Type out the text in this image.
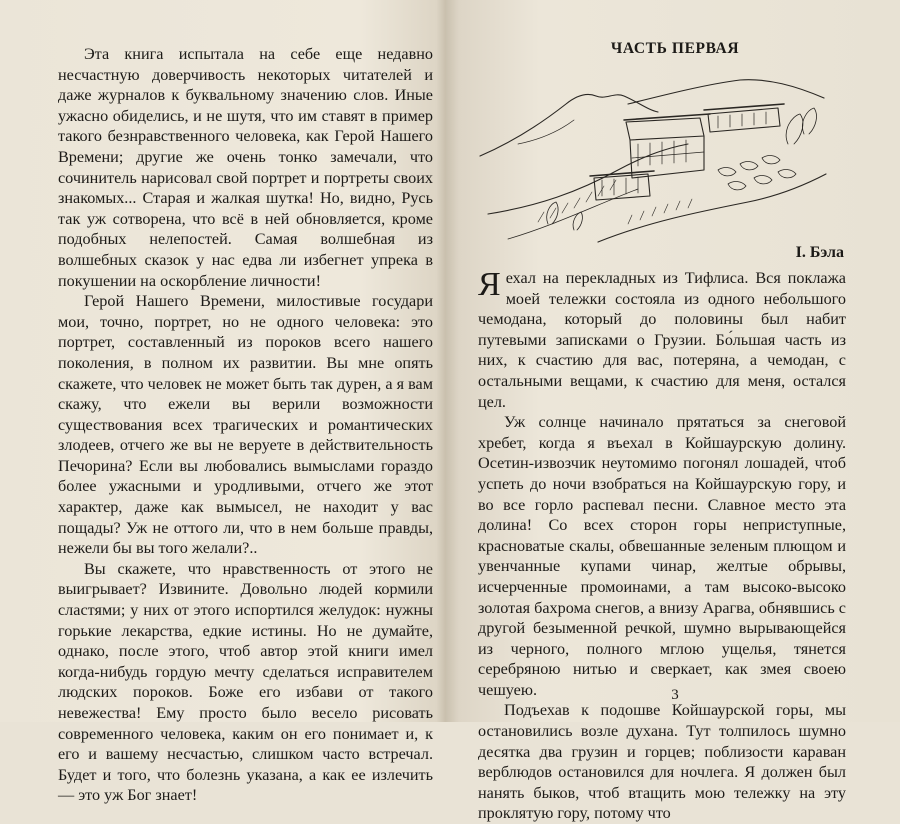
Эта книга испытала на себе еще недавно несчастную доверчивость некоторых читателей и даже журналов к буквальному значению слов. Иные ужасно обиделись, и не шутя, что им ставят в пример такого безнравственного человека, как Герой Нашего Времени; другие же очень тонко замечали, что сочинитель нарисовал свой портрет и портреты своих знакомых... Старая и жалкая шутка! Но, видно, Русь так уж сотворена, что всё в ней обновляется, кроме подобных нелепостей. Самая волшебная из волшебных сказок у нас едва ли избегнет упрека в покушении на оскорбление личности!

Герой Нашего Времени, милостивые государи мои, точно, портрет, но не одного человека: это портрет, составленный из пороков всего нашего поколения, в полном их развитии. Вы мне опять скажете, что человек не может быть так дурен, а я вам скажу, что ежели вы верили возможности существования всех трагических и романтических злодеев, отчего же вы не веруете в действительность Печорина? Если вы любовались вымыслами гораздо более ужасными и уродливыми, отчего же этот характер, даже как вымысел, не находит у вас пощады? Уж не оттого ли, что в нем больше правды, нежели бы вы того желали?..

Вы скажете, что нравственность от этого не выигрывает? Извините. Довольно людей кормили сластями; у них от этого испортился желудок: нужны горькие лекарства, едкие истины. Но не думайте, однако, после этого, чтоб автор этой книги имел когда-нибудь гордую мечту сделаться исправителем людских пороков. Боже его избави от такого невежества! Ему просто было весело рисовать современного человека, каким он его понимает и, к его и вашему несчастью, слишком часто встречал. Будет и того, что болезнь указана, а как ее излечить — это уж Бог знает!

ЧАСТЬ ПЕРВАЯ
I. Бэла

Яехал на перекладных из Тифлиса. Вся поклажа моей тележки состояла из одного небольшого чемодана, который до половины был набит путевыми записками о Грузии. Бо́льшая часть из них, к счастию для вас, потеряна, а чемодан, с остальными вещами, к счастию для меня, остался цел.

Уж солнце начинало прятаться за снеговой хребет, когда я въехал в Койшаурскую долину. Осетин-извозчик неутомимо погонял лошадей, чтоб успеть до ночи взобраться на Койшаурскую гору, и во все горло распевал песни. Славное место эта долина! Со всех сторон горы неприступные, красноватые скалы, обвешанные зеленым плющом и увенчанные купами чинар, желтые обрывы, исчерченные промоинами, а там высоко-высоко золотая бахрома снегов, а внизу Арагва, обнявшись с другой безыменной речкой, шумно вырывающейся из черного, полного мглою ущелья, тянется серебряною нитью и сверкает, как змея своею чешуею.

Подъехав к подошве Койшаурской горы, мы остановились возле духана. Тут толпилось шумно десятка два грузин и горцев; поблизости караван верблюдов остановился для ночлега. Я должен был нанять быков, чтоб втащить мою тележку на эту проклятую гору, потому что

3
